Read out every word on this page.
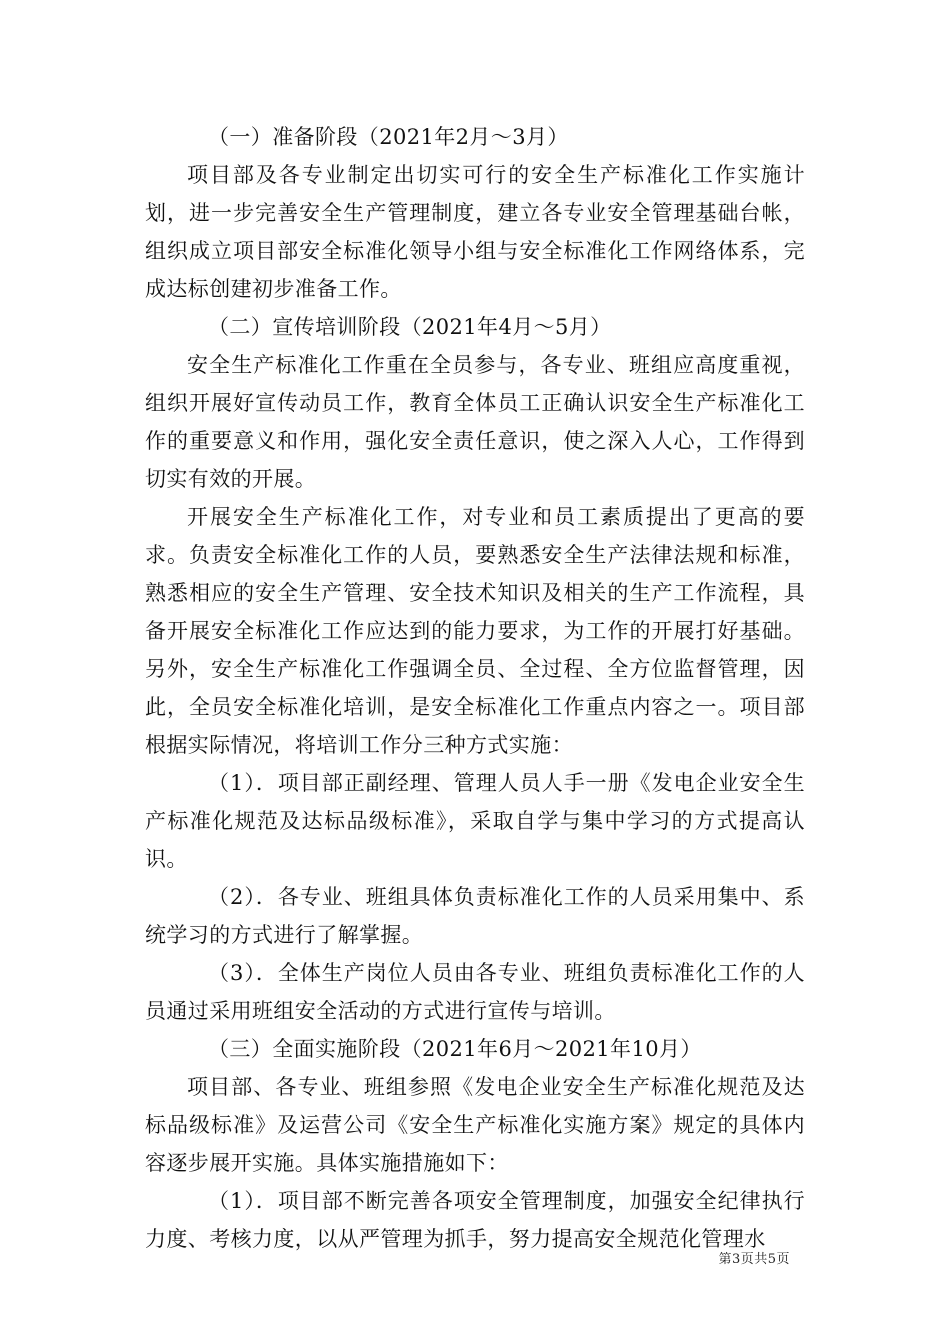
（一）准备阶段（2021年2月～3月）

项目部及各专业制定出切实可行的安全生产标准化工作实施计划，进一步完善安全生产管理制度，建立各专业安全管理基础台帐，组织成立项目部安全标准化领导小组与安全标准化工作网络体系，完成达标创建初步准备工作。

（二）宣传培训阶段（2021年4月～5月）

安全生产标准化工作重在全员参与，各专业、班组应高度重视，组织开展好宣传动员工作，教育全体员工正确认识安全生产标准化工作的重要意义和作用，强化安全责任意识，使之深入人心，工作得到切实有效的开展。

开展安全生产标准化工作，对专业和员工素质提出了更高的要求。负责安全标准化工作的人员，要熟悉安全生产法律法规和标准，熟悉相应的安全生产管理、安全技术知识及相关的生产工作流程，具备开展安全标准化工作应达到的能力要求，为工作的开展打好基础。另外，安全生产标准化工作强调全员、全过程、全方位监督管理，因此，全员安全标准化培训，是安全标准化工作重点内容之一。项目部根据实际情况，将培训工作分三种方式实施：

（1）．项目部正副经理、管理人员人手一册《发电企业安全生产标准化规范及达标品级标准》，采取自学与集中学习的方式提高认识。

（2）．各专业、班组具体负责标准化工作的人员采用集中、系统学习的方式进行了解掌握。

（3）．全体生产岗位人员由各专业、班组负责标准化工作的人员通过采用班组安全活动的方式进行宣传与培训。

（三）全面实施阶段（2021年6月～2021年10月）

项目部、各专业、班组参照《发电企业安全生产标准化规范及达标品级标准》及运营公司《安全生产标准化实施方案》规定的具体内容逐步展开实施。具体实施措施如下：

（1）．项目部不断完善各项安全管理制度，加强安全纪律执行力度、考核力度，以从严管理为抓手，努力提高安全规范化管理水

第3页共5页
